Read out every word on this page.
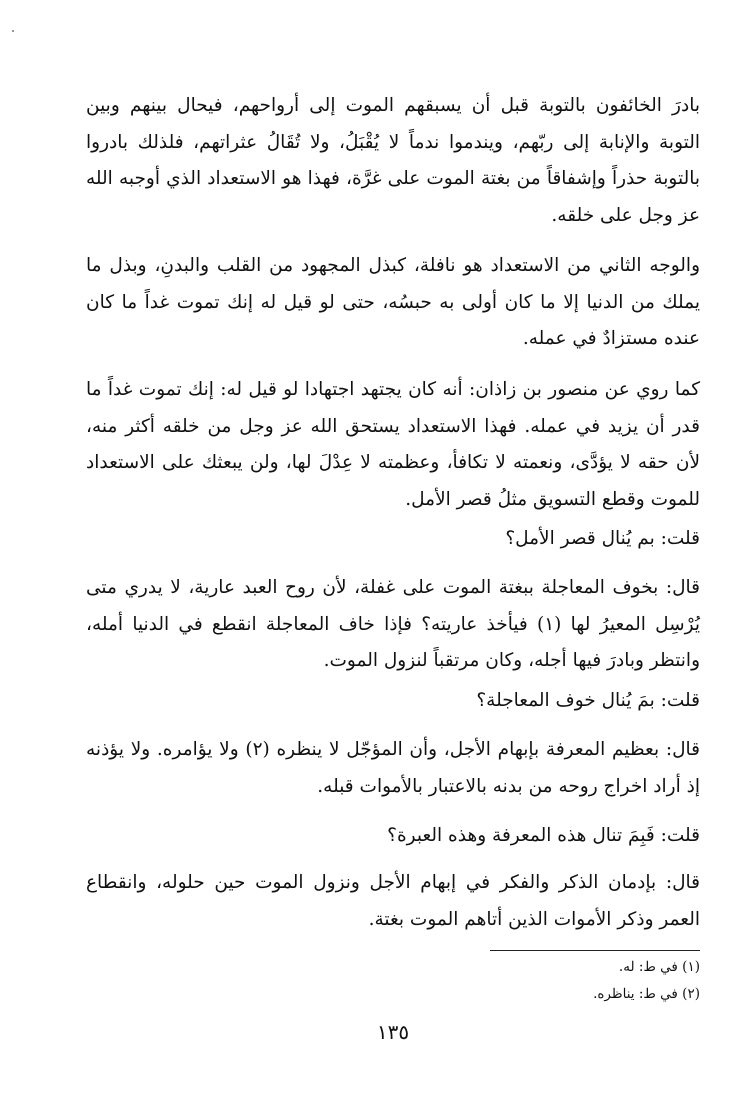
بادرَ الخائفون بالتوبة قبل أن يسبقهم الموت إلى أرواحهم، فيحال بينهم وبين التوبة والإنابة إلى ربّهم، ويندموا ندماً لا يُقْبَلُ، ولا تُقَالُ عثراتهم، فلذلك بادروا بالتوبة حذراً وإشفاقاً من بغتة الموت على غرَّة، فهذا هو الاستعداد الذي أوجبه الله عز وجل على خلقه.

والوجه الثاني من الاستعداد هو نافلة، كبذل المجهود من القلب والبدنِ، وبذل ما يملك من الدنيا إلا ما كان أولى به حبسُه، حتى لو قيل له إنك تموت غداً ما كان عنده مستزادٌ في عمله.

كما روي عن منصور بن زاذان: أنه كان يجتهد اجتهادا لو قيل له: إنك تموت غداً ما قدر أن يزيد في عمله. فهذا الاستعداد يستحق الله عز وجل من خلقه أكثر منه، لأن حقه لا يؤدَّى، ونعمته لا تكافأ، وعظمته لا عِدْلَ لها، ولن يبعثك على الاستعداد للموت وقطع التسويق مثلُ قصر الأمل.

قلت: بم يُنال قصر الأمل؟

قال: بخوف المعاجلة ببغتة الموت على غفلة، لأن روح العبد عارية، لا يدري متى يُرْسِل المعيرُ لها (١) فيأخذ عاريته؟ فإذا خاف المعاجلة انقطع في الدنيا أمله، وانتظر وبادرَ فيها أجله، وكان مرتقباً لنزول الموت.

قلت: بمَ يُنال خوف المعاجلة؟

قال: بعظيم المعرفة بإبهام الأجل، وأن المؤجّل لا ينظره (٢) ولا يؤامره. ولا يؤذنه إذ أراد اخراج روحه من بدنه بالاعتبار بالأموات قبله.

قلت: فَبِمَ تنال هذه المعرفة وهذه العبرة؟

قال: بإدمان الذكر والفكر في إبهام الأجل ونزول الموت حين حلوله، وانقطاع العمر وذكر الأموات الذين أتاهم الموت بغتة.

(١) في ط: له.

(٢) في ط: يناظره.

١٣٥
